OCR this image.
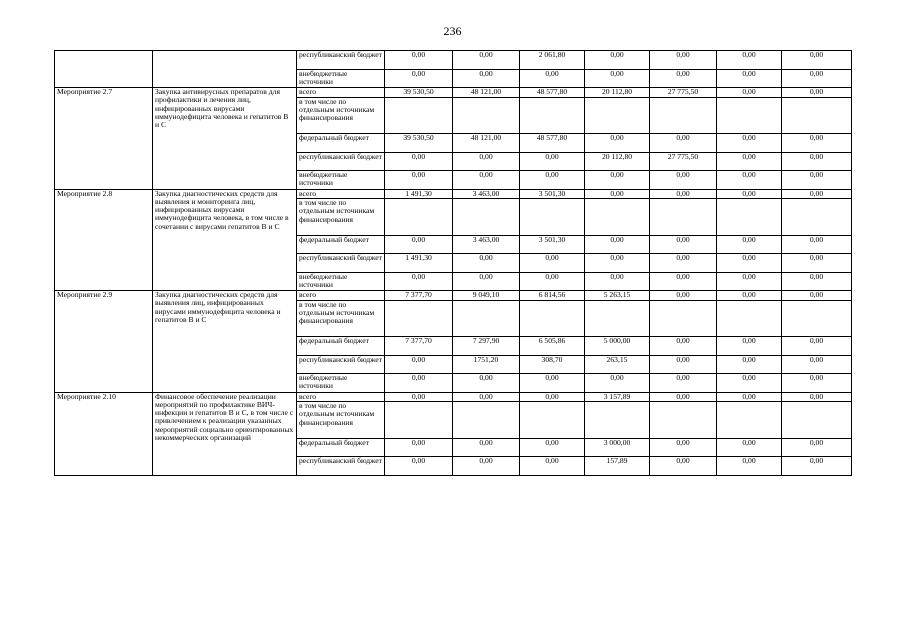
236
		республиканский бюджет	0,00	0,00	2 061,80	0,00	0,00	0,00	0,00
		внебюджетные источники	0,00	0,00	0,00	0,00	0,00	0,00	0,00
Мероприятие 2.7	Закупка антивирусных препаратов для профилактики и лечения лиц, инфицированных вирусами иммунодефицита человека и гепатитов В и С	всего	39 530,50	48 121,00	48 577,80	20 112,80	27 775,50	0,00	0,00
		в том числе по отдельным источникам финансирования							
		федеральный бюджет	39 530,50	48 121,00	48 577,80	0,00	0,00	0,00	0,00
		республиканский бюджет	0,00	0,00	0,00	20 112,80	27 775,50	0,00	0,00
		внебюджетные источники	0,00	0,00	0,00	0,00	0,00	0,00	0,00
Мероприятие 2.8	Закупка диагностических средств для выявления и мониторинга лиц, инфицированных вирусами иммунодефицита человека, в том числе в сочетании с вирусами гепатитов В и С	всего	1 491,30	3 463,00	3 501,30	0,00	0,00	0,00	0,00
		в том числе по отдельным источникам финансирования							
		федеральный бюджет	0,00	3 463,00	3 501,30	0,00	0,00	0,00	0,00
		республиканский бюджет	1 491,30	0,00	0,00	0,00	0,00	0,00	0,00
		внебюджетные источники	0,00	0,00	0,00	0,00	0,00	0,00	0,00
Мероприятие 2.9	Закупка диагностических средств для выявления лиц, инфицированных вирусами иммунодефицита человека и гепатитов В и С	всего	7 377,70	9 049,10	6 814,56	5 263,15	0,00	0,00	0,00
		в том числе по отдельным источникам финансирования							
		федеральный бюджет	7 377,70	7 297,90	6 505,86	5 000,00	0,00	0,00	0,00
		республиканский бюджет	0,00	1751,20	308,70	263,15	0,00	0,00	0,00
		внебюджетные источники	0,00	0,00	0,00	0,00	0,00	0,00	0,00
Мероприятие 2.10	Финансовое обеспечение реализации мероприятий по профилактике ВИЧ-инфекции и гепатитов В и С, в том числе с привлечением к реализации указанных мероприятий социально ориентированных некоммерческих организаций	всего	0,00	0,00	0,00	3 157,89	0,00	0,00	0,00
		в том числе по отдельным источникам финансирования							
		федеральный бюджет	0,00	0,00	0,00	3 000,00	0,00	0,00	0,00
		республиканский бюджет	0,00	0,00	0,00	157,89	0,00	0,00	0,00
